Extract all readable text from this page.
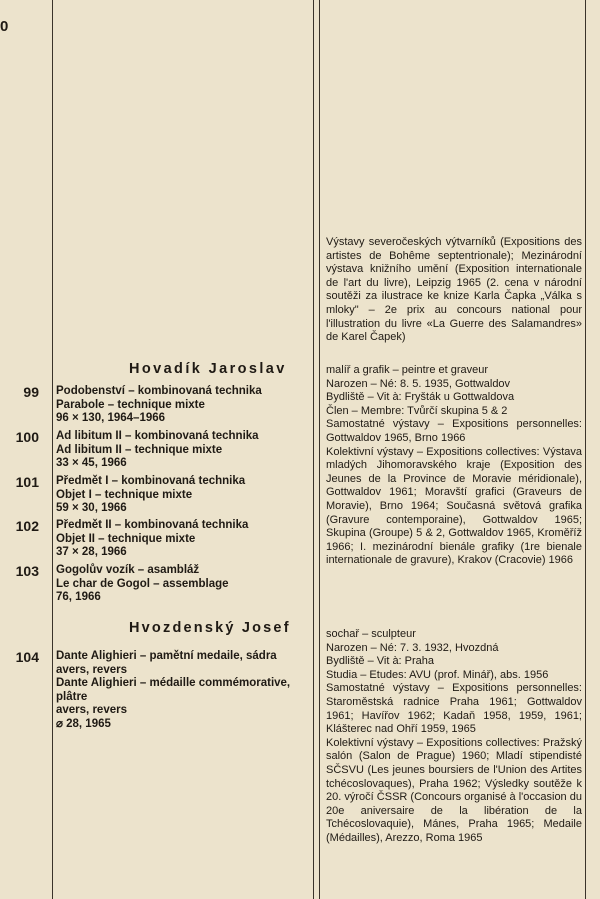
0
Výstavy severočeských výtvarníků (Expositions des artistes de Bohême septentrionale); Mezinárodní výstava knižního umění (Exposition internationale de l'art du livre), Leipzig 1965 (2. cena v národní soutěži za ilustrace ke knize Karla Čapka „Válka s mloky" – 2e prix au concours national pour l'illustration du livre «La Guerre des Salamandres» de Karel Čapek)
Hovadík Jaroslav
99 Podobenství – kombinovaná technika
Parabole – technique mixte
96 × 130, 1964–1966
100 Ad libitum II – kombinovaná technika
Ad libitum II – technique mixte
33 × 45, 1966
101 Předmět I – kombinovaná technika
Objet I – technique mixte
59 × 30, 1966
102 Předmět II – kombinovaná technika
Objet II – technique mixte
37 × 28, 1966
103 Gogolův vozík – asambláž
Le char de Gogol – assemblage
76, 1966
malíř a grafik – peintre et graveur
Narozen – Né: 8. 5. 1935, Gottwaldov
Bydliště – Vit à: Fryšták u Gottwaldova
Člen – Membre: Tvůrčí skupina 5 & 2
Samostatné výstavy – Expositions personnelles: Gottwaldov 1965, Brno 1966
Kolektivní výstavy – Expositions collectives: Výstava mladých Jihomoravského kraje (Exposition des Jeunes de la Province de Moravie méridionale), Gottwaldov 1961; Moravští grafici (Graveurs de Moravie), Brno 1964; Současná světová grafika (Gravure contemporaine), Gottwaldov 1965; Skupina (Groupe) 5 & 2, Gottwaldov 1965, Kroměříž 1966; I. mezinárodní bienále grafiky (1re bienale internationale de gravure), Krakov (Cracovie) 1966
Hvozdenský Josef
104 Dante Alighieri – pamětní medaile, sádra
avers, revers
Dante Alighieri – médaille commémorative,
plâtre
avers, revers
⌀ 28, 1965
sochař – sculpteur
Narozen – Né: 7. 3. 1932, Hvozdná
Bydliště – Vit à: Praha
Studia – Etudes: AVU (prof. Minář), abs. 1956
Samostatné výstavy – Expositions personnelles: Staroměstská radnice Praha 1961; Gottwaldov 1961; Havířov 1962; Kadaň 1958, 1959, 1961; Klášterec nad Ohří 1959, 1965
Kolektivní výstavy – Expositions collectives: Pražský salón (Salon de Prague) 1960; Mladí stipendisté SČSVU (Les jeunes boursiers de l'Union des Artites tchécoslovaques), Praha 1962; Výsledky soutěže k 20. výročí ČSSR (Concours organisé à l'occasion du 20e aniversaire de la libération de la Tchécoslovaquie), Mánes, Praha 1965; Medaile (Médailles), Arezzo, Roma 1965
